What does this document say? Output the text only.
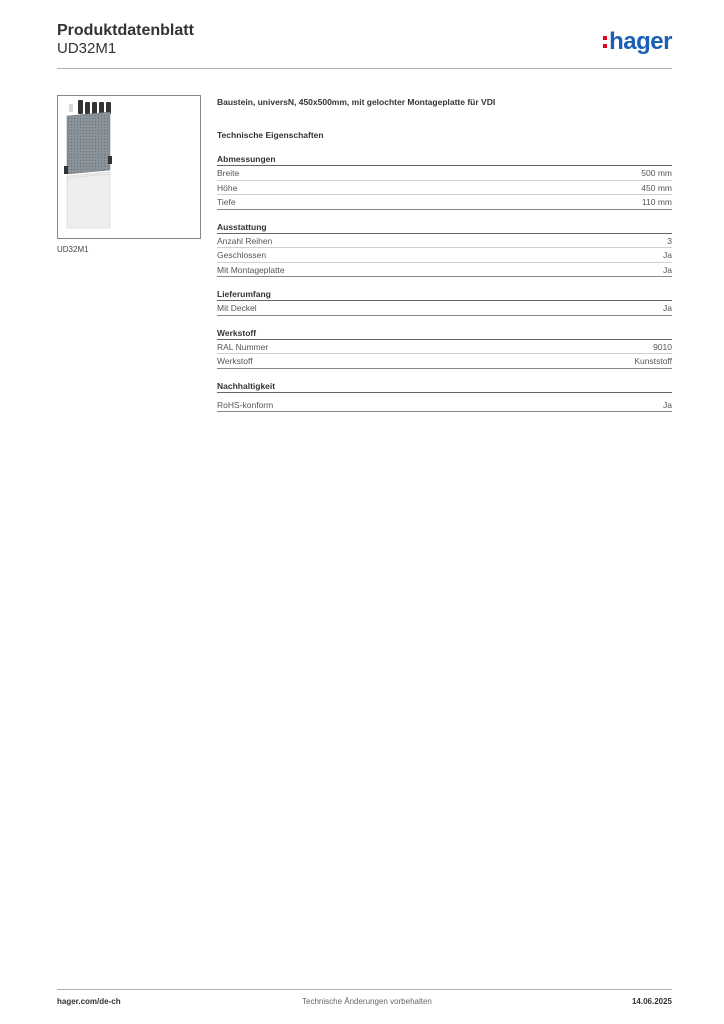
Produktdatenblatt
UD32M1	hager
UD32M1
Baustein, universN, 450x500mm, mit gelochter Montageplatte für VDI
Technische Eigenschaften
Abmessungen
Breite	500 mm
Höhe	450 mm
Tiefe	110 mm
Ausstattung
Anzahl Reihen	3
Geschlossen	Ja
Mit Montageplatte	Ja
Lieferumfang
Mit Deckel	Ja
Werkstoff
RAL Nummer	9010
Werkstoff	Kunststoff
Nachhaltigkeit
RoHS-konform	Ja
hager.com/de-ch	Technische Änderungen vorbehalten	14.06.2025
